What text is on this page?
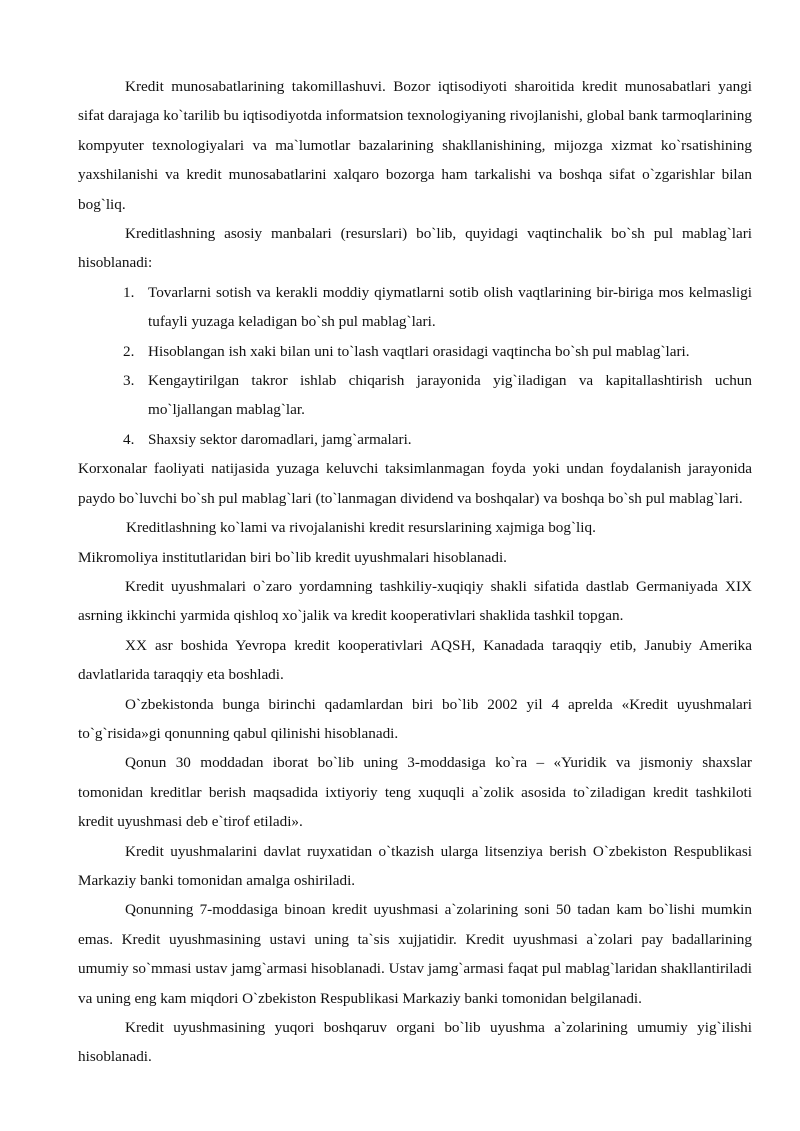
Kredit munosabatlarining takomillashuvi. Bozor iqtisodiyoti sharoitida kredit munosabatlari yangi sifat darajaga ko`tarilib bu iqtisodiyotda informatsion texnologiyaning rivojlanishi, global bank tarmoqlarining kompyuter texnologiyalari va ma`lumotlar bazalarining shakllanishining, mijozga xizmat ko`rsatishining yaxshilanishi va kredit munosabatlarini xalqaro bozorga ham tarkalishi va boshqa sifat o`zgarishlar bilan bog`liq.

Kreditlashning asosiy manbalari (resurslari) bo`lib, quyidagi vaqtinchalik bo`sh pul mablag`lari hisoblanadi:

1. Tovarlarni sotish va kerakli moddiy qiymatlarni sotib olish vaqtlarining bir-biriga mos kelmasligi tufayli yuzaga keladigan bo`sh pul mablag`lari.
2. Hisoblangan ish xaki bilan uni to`lash vaqtlari orasidagi vaqtincha bo`sh pul mablag`lari.
3. Kengaytirilgan takror ishlab chiqarish jarayonida yig`iladigan va kapitallashtirish uchun mo`ljallangan mablag`lar.
4. Shaxsiy sektor daromadlari, jamg`armalari.

Korxonalar faoliyati natijasida yuzaga keluvchi taksimlanmagan foyda yoki undan foydalanish jarayonida paydo bo`luvchi bo`sh pul mablag`lari (to`lanmagan dividend va boshqalar) va boshqa bo`sh pul mablag`lari.

Kreditlashning ko`lami va rivojalanishi kredit resurslarining xajmiga bog`liq.

Mikromoliya institutlaridan biri bo`lib kredit uyushmalari hisoblanadi.

Kredit uyushmalari o`zaro yordamning tashkiliy-xuqiqiy shakli sifatida dastlab Germaniyada XIX asrning ikkinchi yarmida qishloq xo`jalik va kredit kooperativlari shaklida tashkil topgan.

XX asr boshida Yevropa kredit kooperativlari AQSH, Kanadada taraqqiy etib, Janubiy Amerika davlatlarida taraqqiy eta boshladi.

O`zbekistonda bunga birinchi qadamlardan biri bo`lib 2002 yil 4 aprelda «Kredit uyushmalari to`g`risida»gi qonunning qabul qilinishi hisoblanadi.

Qonun 30 moddadan iborat bo`lib uning 3-moddasiga ko`ra – «Yuridik va jismoniy shaxslar tomonidan kreditlar berish maqsadida ixtiyoriy teng xuquqli a`zolik asosida to`ziladigan kredit tashkiloti kredit uyushmasi deb e`tirof etiladi».

Kredit uyushmalarini davlat ruyxatidan o`tkazish ularga litsenziya berish O`zbekiston Respublikasi Markaziy banki tomonidan amalga oshiriladi.

Qonunning 7-moddasiga binoan kredit uyushmasi a`zolarining soni 50 tadan kam bo`lishi mumkin emas. Kredit uyushmasining ustavi uning ta`sis xujjatidir. Kredit uyushmasi a`zolari pay badallarining umumiy so`mmasi ustav jamg`armasi hisoblanadi. Ustav jamg`armasi faqat pul mablag`laridan shakllantiriladi va uning eng kam miqdori O`zbekiston Respublikasi Markaziy banki tomonidan belgilanadi.

Kredit uyushmasining yuqori boshqaruv organi bo`lib uyushma a`zolarining umumiy yig`ilishi hisoblanadi.
